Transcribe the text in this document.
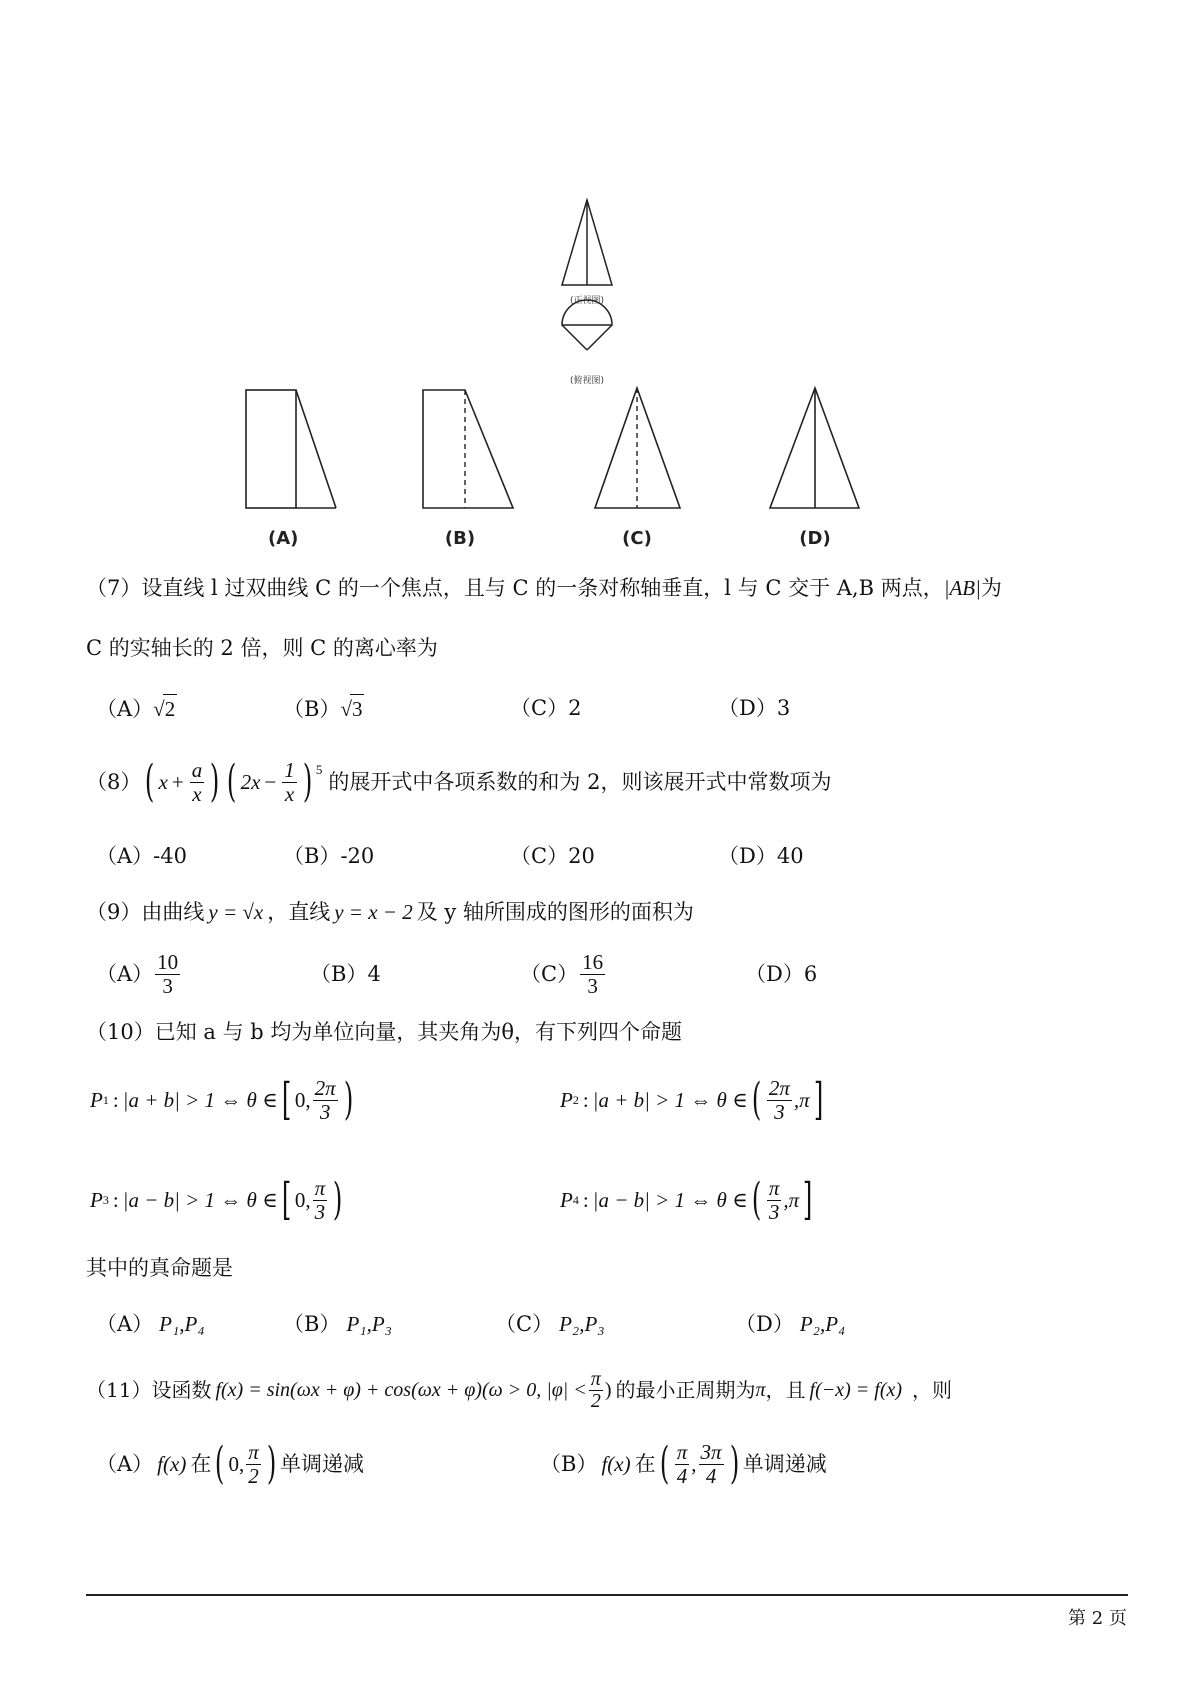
(正视图)
(俯视图)
(A)	(B)	(C)	(D)
（7）设直线 l 过双曲线 C 的一个焦点，且与 C 的一条对称轴垂直，l 与 C 交于 A,B 两点，|AB|为
C 的实轴长的 2 倍，则 C 的离心率为
（A）√2	（B）√3	（C）2	（D）3
（8） ( $x + \frac{a}{x}$ ) ( $2x - \frac{1}{x}$ ) 5
的展开式中各项系数的和为 2，则该展开式中常数项为
（A）-40	（B）-20	（C）20	（D）40
（9）由曲线 y = √x ，直线 y = x − 2 及 y 轴所围成的图形的面积为
$(A) \frac{10}{3}$	（B） 4	$(C) \frac{16}{3}$	（D） 6
（10）已知 a 与 b 均为单位向量，其夹角为θ，有下列四个命题
P 1 : |a + b| > 1 ⇔ θ ∈ [ 0, $\frac{2\pi}{3}$ )	P 2 : |a + b| > 1 ⇔ θ ∈ ( $\frac{2\pi}{3} ,\pi$ ]
P 3 : |a − b| > 1 ⇔ θ ∈ [ 0, $\frac{\pi}{3}$ )	P 4 : |a − b| > 1 ⇔ θ ∈ ( $\frac{\pi}{3} ,\pi$ ]
其中的真命题是
（A） P₁,P₄	（B） P₁,P₃	（C） P₂,P₃	（D） P₂,P₄
（11）设函数 f(x) = sin(ωx + φ) + cos(ωx + φ)(ω > 0, $|\varphi| < \frac{\pi}{2}$ ) 的最小正周期为 π ，且 f(−x) = f(x) ，则
（A） f(x) 在 ( 0, $\frac{\pi}{2}$ ) 单调递减	（B） f(x) 在 ( $\frac{\pi}{4}$ , $\frac{3\pi}{4}$ ) 单调递减
第 2 页
